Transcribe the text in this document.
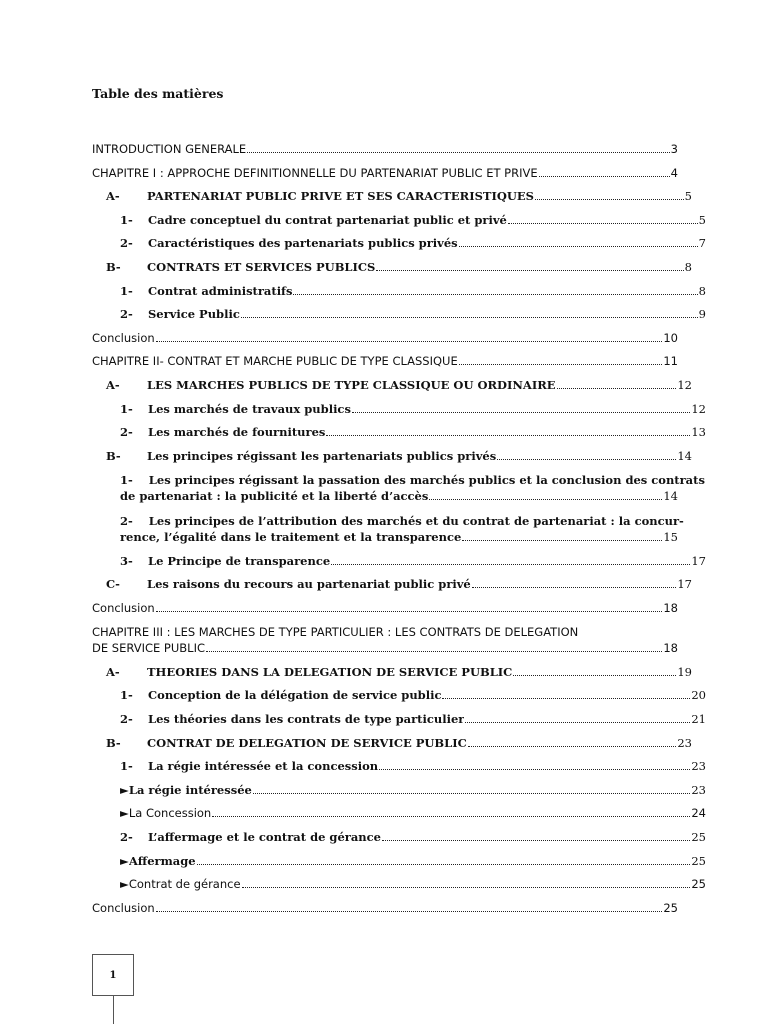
Table des matières
INTRODUCTION GENERALE	3
CHAPITRE I : APPROCHE DEFINITIONNELLE DU PARTENARIAT PUBLIC ET PRIVE	4
A-	PARTENARIAT PUBLIC PRIVE ET SES CARACTERISTIQUES	5
1-	Cadre conceptuel du contrat partenariat public et privé	5
2-	Caractéristiques des partenariats publics privés	7
B-	CONTRATS ET SERVICES PUBLICS	8
1-	Contrat administratifs	8
2-	Service Public	9
Conclusion	10
CHAPITRE II- CONTRAT ET MARCHE PUBLIC DE TYPE CLASSIQUE	11
A-	LES MARCHES PUBLICS DE TYPE CLASSIQUE OU ORDINAIRE	12
1-	Les marchés de travaux publics	12
2-	Les marchés de fournitures	13
B-	Les principes régissant les partenariats publics privés	14
1- Les principes régissant la passation des marchés publics et la conclusion des contrats
de partenariat : la publicité et la liberté d’accès	14
2- Les principes de l’attribution des marchés et du contrat de partenariat : la concur-
rence, l’égalité dans le traitement et la transparence	15
3-	Le Principe de transparence	17
C-	Les raisons du recours au partenariat public privé	17
Conclusion	18
CHAPITRE III : LES MARCHES DE TYPE PARTICULIER : LES CONTRATS DE DELEGATION
DE SERVICE PUBLIC	18
A-	THEORIES DANS LA DELEGATION DE SERVICE PUBLIC	19
1-	Conception de la délégation de service public	20
2-	Les théories dans les contrats de type particulier	21
B-	CONTRAT DE DELEGATION DE SERVICE PUBLIC	23
1-	La régie intéressée et la concession	23
► La régie intéressée	23
► La Concession	24
2-	L’affermage et le contrat de gérance	25
► Affermage	25
► Contrat de gérance	25
Conclusion	25
1
